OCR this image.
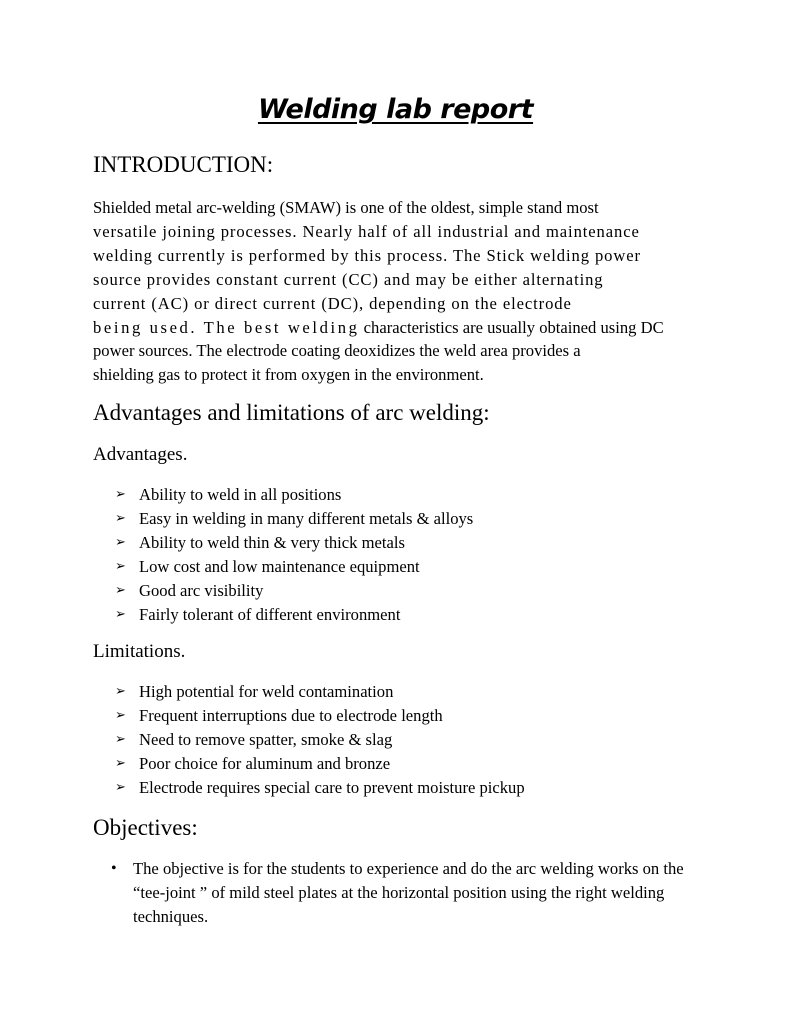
Welding lab report
INTRODUCTION:

Shielded metal arc-welding (SMAW) is one of the oldest, simple stand most
versatile joining processes. Nearly half of all industrial and maintenance
welding currently is performed by this process. The Stick welding power
source provides constant current (CC) and may be either alternating
current (AC) or direct current (DC), depending on the electrode
being used. The best welding characteristics are usually obtained using DC
power sources. The electrode coating deoxidizes the weld area provides a
shielding gas to protect it from oxygen in the environment.

Advantages and limitations of arc welding:
Advantages.
➢ Ability to weld in all positions
➢ Easy in welding in many different metals & alloys
➢ Ability to weld thin & very thick metals
➢ Low cost and low maintenance equipment
➢ Good arc visibility
➢ Fairly tolerant of different environment
Limitations.
➢ High potential for weld contamination
➢ Frequent interruptions due to electrode length
➢ Need to remove spatter, smoke & slag
➢ Poor choice for aluminum and bronze
➢ Electrode requires special care to prevent moisture pickup
Objectives:
• The objective is for the students to experience and do the arc welding works on the “tee-joint ” of mild steel plates at the horizontal position using the right welding techniques.
